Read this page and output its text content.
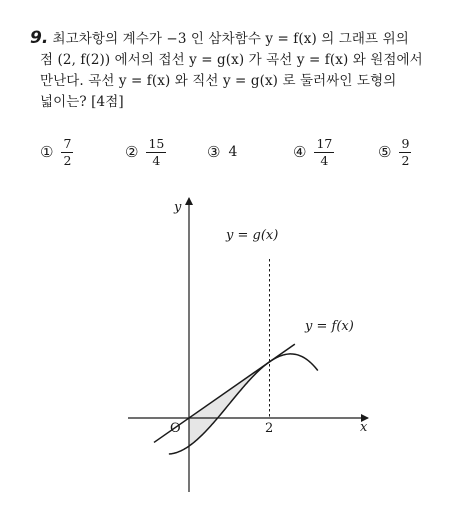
9. 최고차항의 계수가 −3 인 삼차함수 y = f(x) 의 그래프 위의
점 (2, f(2)) 에서의 접선 y = g(x) 가 곡선 y = f(x) 와 원점에서
만난다. 곡선 y = f(x) 와 직선 y = g(x) 로 둘러싸인 도형의
넓이는? [4점]
① $\frac{7}{2}$	② $\frac{15}{4}$	③ 4	④ $\frac{17}{4}$	⑤ $\frac{9}{2}$
y
x
O	2
y = g(x)
y = f(x)
